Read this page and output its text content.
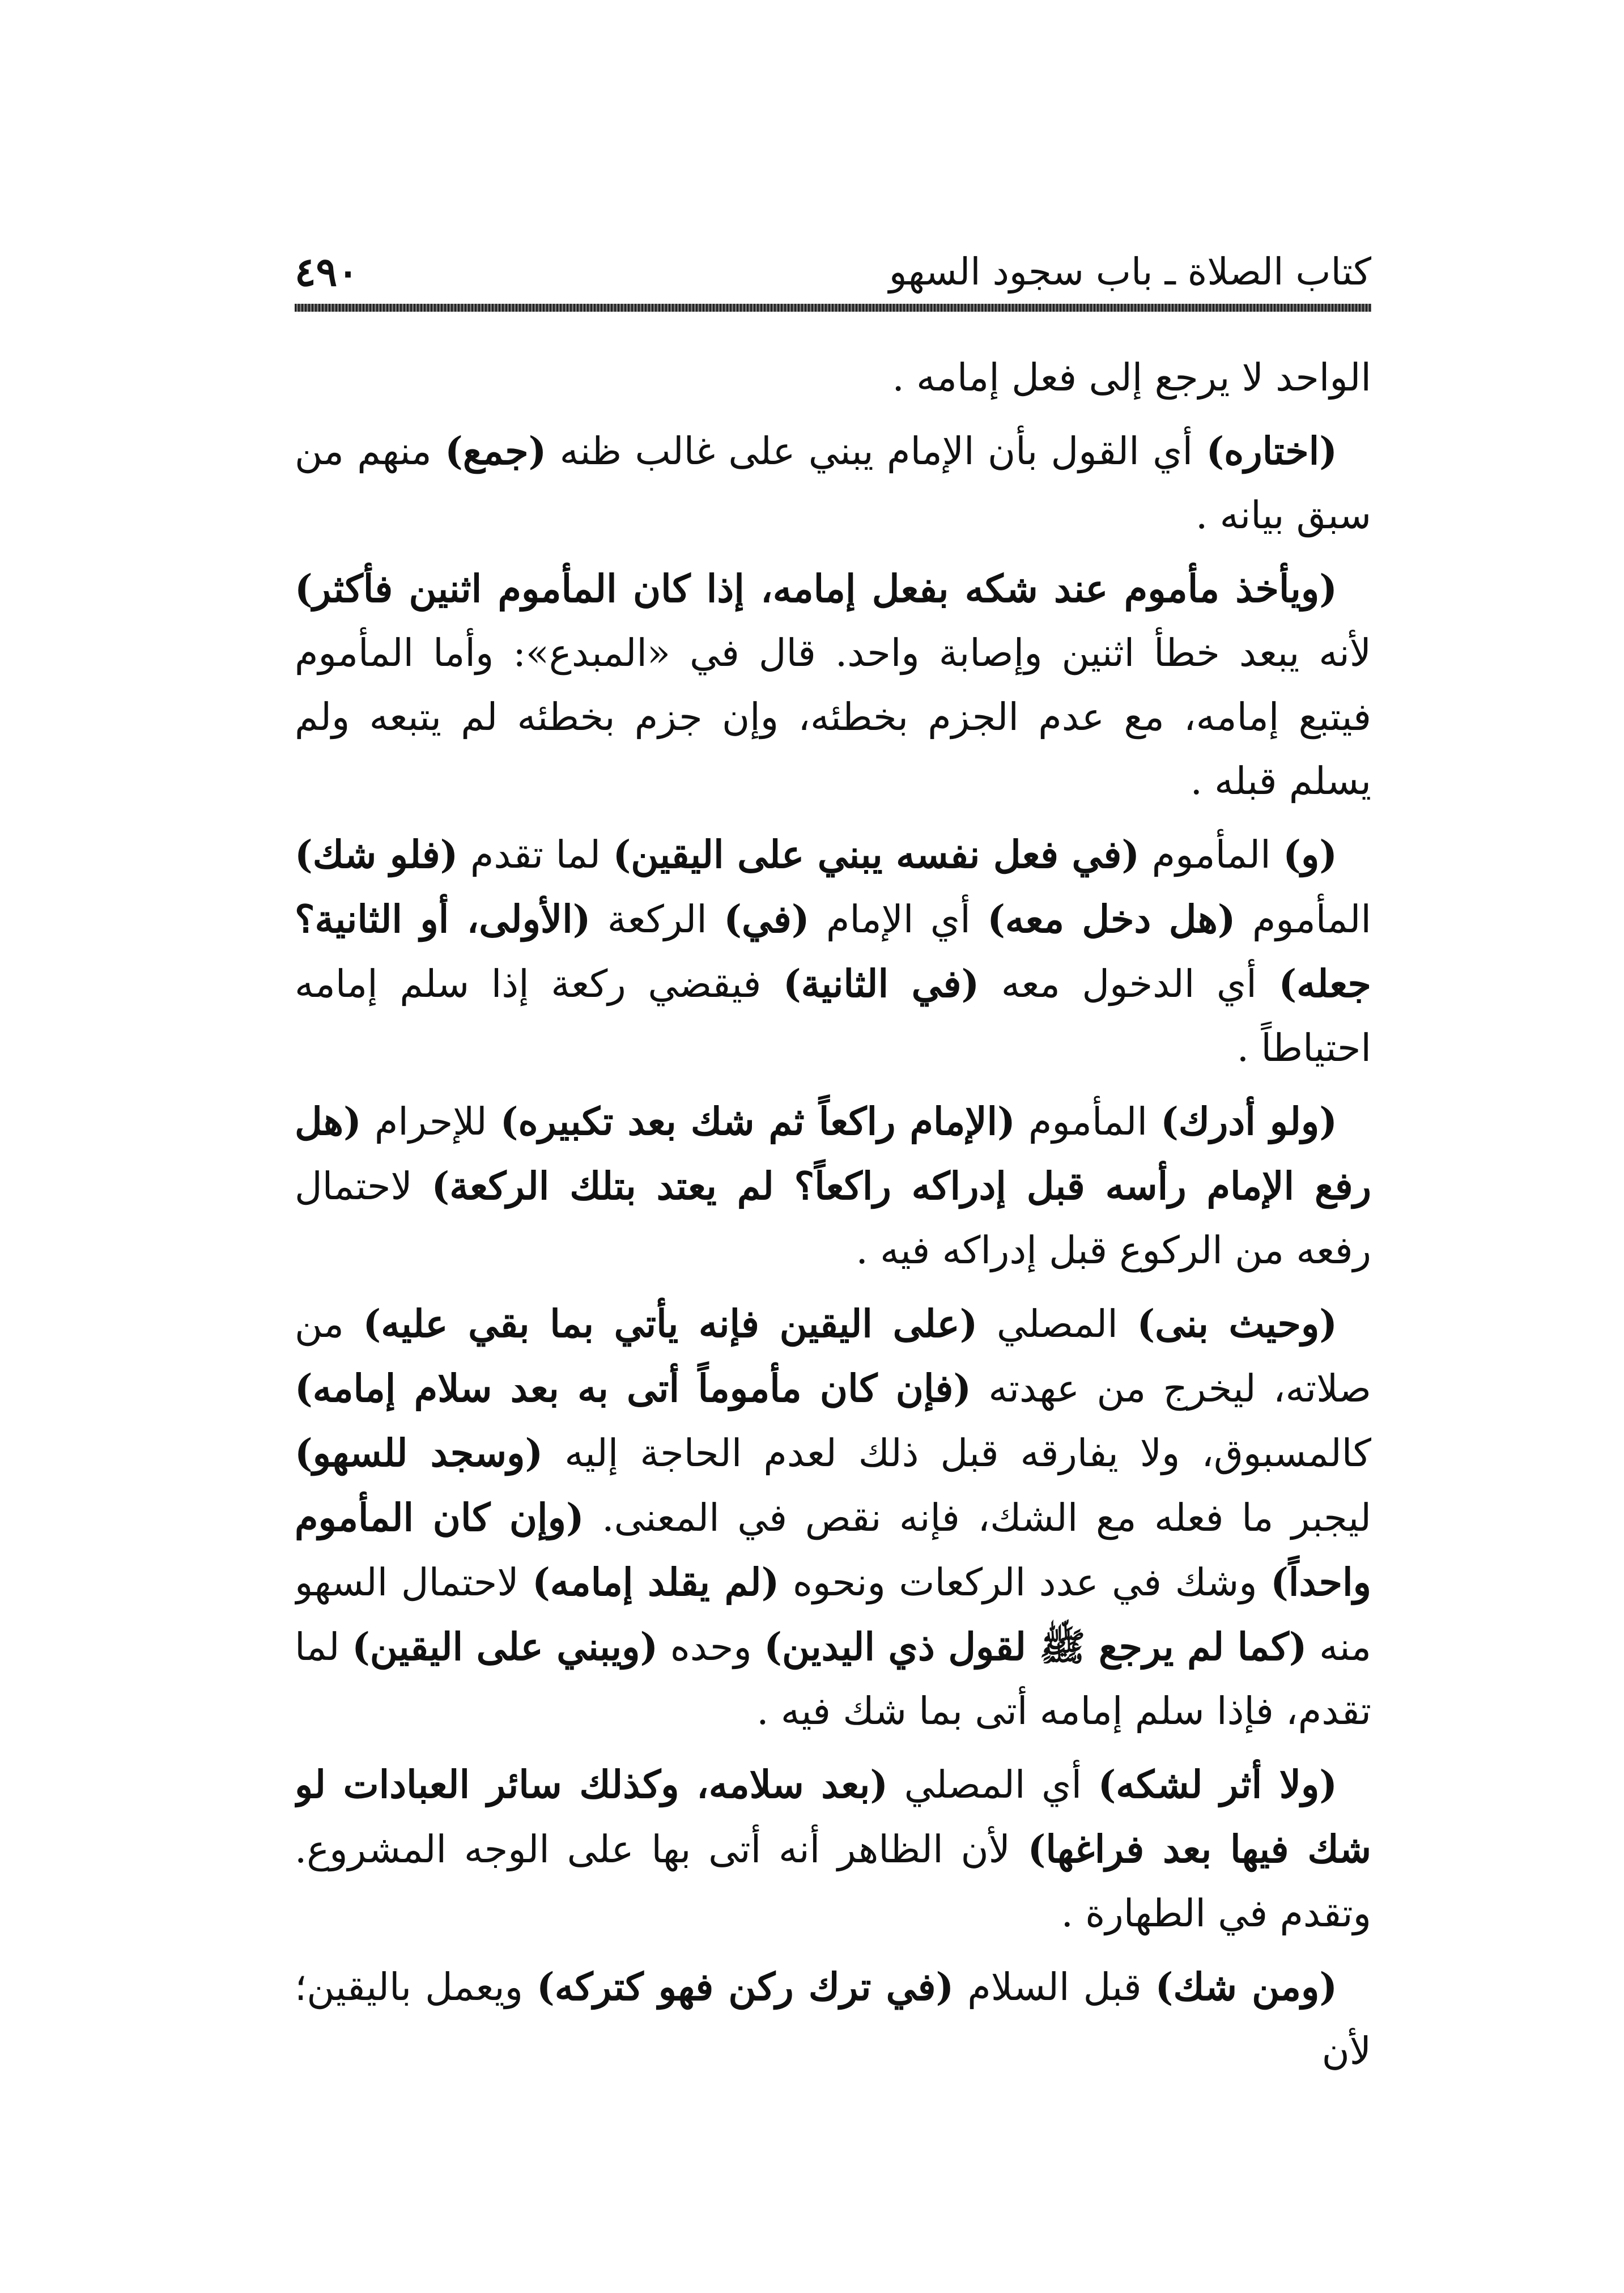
كتاب الصلاة ـ باب سجود السهو
٤٩٠

الواحد لا يرجع إلى فعل إمامه .

(اختاره) أي القول بأن الإمام يبني على غالب ظنه (جمع) منهم من سبق بيانه .

(ويأخذ مأموم عند شكه بفعل إمامه، إذا كان المأموم اثنين فأكثر) لأنه يبعد خطأ اثنين وإصابة واحد. قال في «المبدع»: وأما المأموم فيتبع إمامه، مع عدم الجزم بخطئه، وإن جزم بخطئه لم يتبعه ولم يسلم قبله .

(و) المأموم (في فعل نفسه يبني على اليقين) لما تقدم (فلو شك) المأموم (هل دخل معه) أي الإمام (في) الركعة (الأولى، أو الثانية؟ جعله) أي الدخول معه (في الثانية) فيقضي ركعة إذا سلم إمامه احتياطاً .

(ولو أدرك) المأموم (الإمام راكعاً ثم شك بعد تكبيره) للإحرام (هل رفع الإمام رأسه قبل إدراكه راكعاً؟ لم يعتد بتلك الركعة) لاحتمال رفعه من الركوع قبل إدراكه فيه .

(وحيث بنى) المصلي (على اليقين فإنه يأتي بما بقي عليه) من صلاته، ليخرج من عهدته (فإن كان مأموماً أتى به بعد سلام إمامه) كالمسبوق، ولا يفارقه قبل ذلك لعدم الحاجة إليه (وسجد للسهو) ليجبر ما فعله مع الشك، فإنه نقص في المعنى. (وإن كان المأموم واحداً) وشك في عدد الركعات ونحوه (لم يقلد إمامه) لاحتمال السهو منه (كما لم يرجع ﷺ لقول ذي اليدين) وحده (ويبني على اليقين) لما تقدم، فإذا سلم إمامه أتى بما شك فيه .

(ولا أثر لشكه) أي المصلي (بعد سلامه، وكذلك سائر العبادات لو شك فيها بعد فراغها) لأن الظاهر أنه أتى بها على الوجه المشروع. وتقدم في الطهارة .

(ومن شك) قبل السلام (في ترك ركن فهو كتركه) ويعمل باليقين؛ لأن
